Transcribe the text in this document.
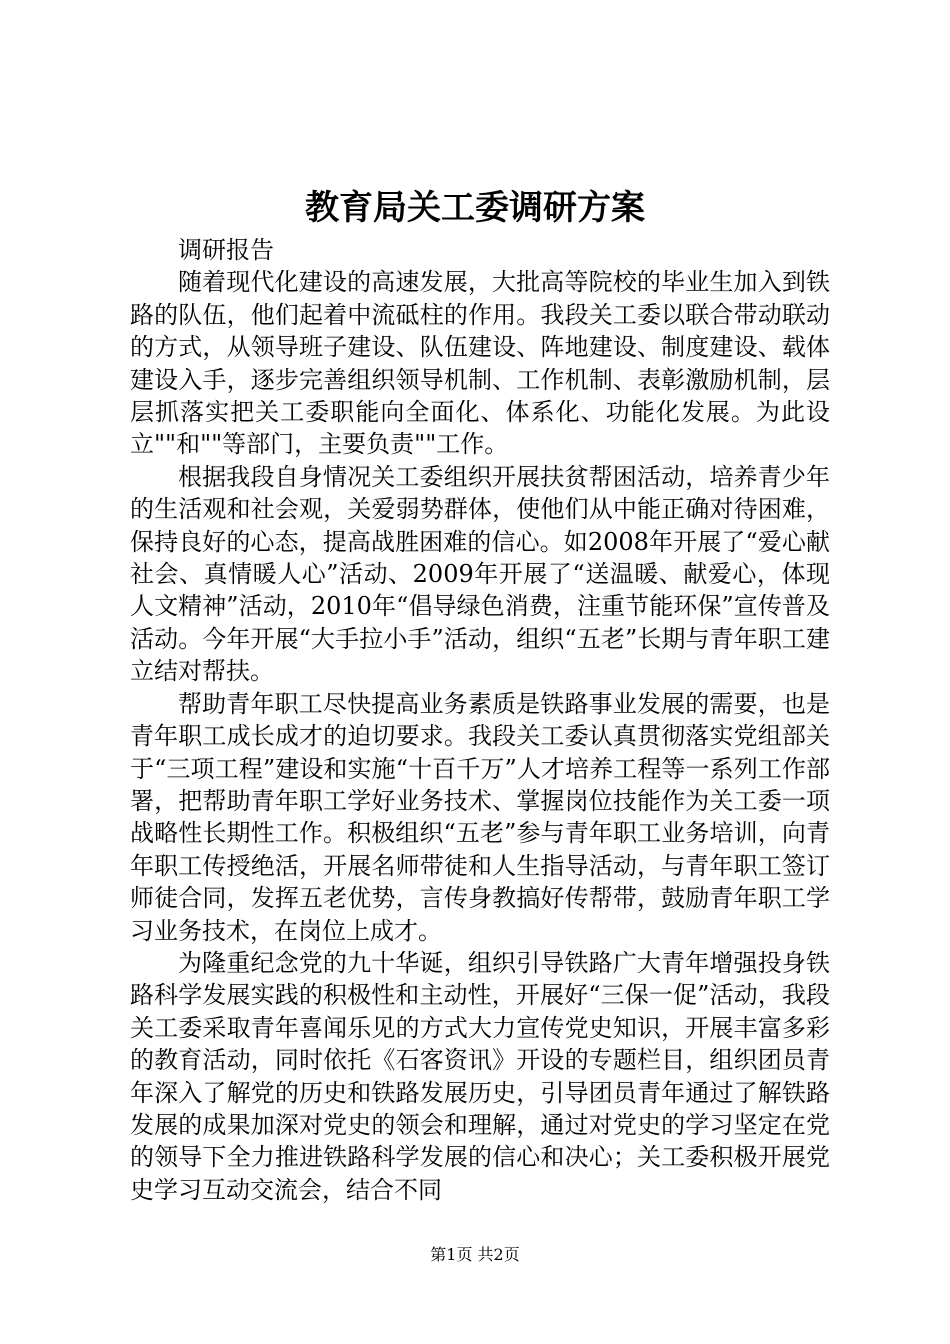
教育局关工委调研方案

调研报告

随着现代化建设的高速发展，大批高等院校的毕业生加入到铁路的队伍，他们起着中流砥柱的作用。我段关工委以联合带动联动的方式，从领导班子建设、队伍建设、阵地建设、制度建设、载体建设入手，逐步完善组织领导机制、工作机制、表彰激励机制，层层抓落实把关工委职能向全面化、体系化、功能化发展。为此设立""和""等部门，主要负责""工作。

根据我段自身情况关工委组织开展扶贫帮困活动，培养青少年的生活观和社会观，关爱弱势群体，使他们从中能正确对待困难，保持良好的心态，提高战胜困难的信心。如2008年开展了“爱心献社会、真情暖人心”活动、2009年开展了“送温暖、献爱心，体现人文精神”活动，2010年“倡导绿色消费，注重节能环保”宣传普及活动。今年开展“大手拉小手”活动，组织“五老”长期与青年职工建立结对帮扶。

帮助青年职工尽快提高业务素质是铁路事业发展的需要，也是青年职工成长成才的迫切要求。我段关工委认真贯彻落实党组部关于“三项工程”建设和实施“十百千万”人才培养工程等一系列工作部署，把帮助青年职工学好业务技术、掌握岗位技能作为关工委一项战略性长期性工作。积极组织“五老”参与青年职工业务培训，向青年职工传授绝活，开展名师带徒和人生指导活动，与青年职工签订师徒合同，发挥五老优势，言传身教搞好传帮带，鼓励青年职工学习业务技术，在岗位上成才。

为隆重纪念党的九十华诞，组织引导铁路广大青年增强投身铁路科学发展实践的积极性和主动性，开展好“三保一促”活动，我段关工委采取青年喜闻乐见的方式大力宣传党史知识，开展丰富多彩的教育活动，同时依托《石客资讯》开设的专题栏目，组织团员青年深入了解党的历史和铁路发展历史，引导团员青年通过了解铁路发展的成果加深对党史的领会和理解，通过对党史的学习坚定在党的领导下全力推进铁路科学发展的信心和决心；关工委积极开展党史学习互动交流会，结合不同

第1页 共2页
